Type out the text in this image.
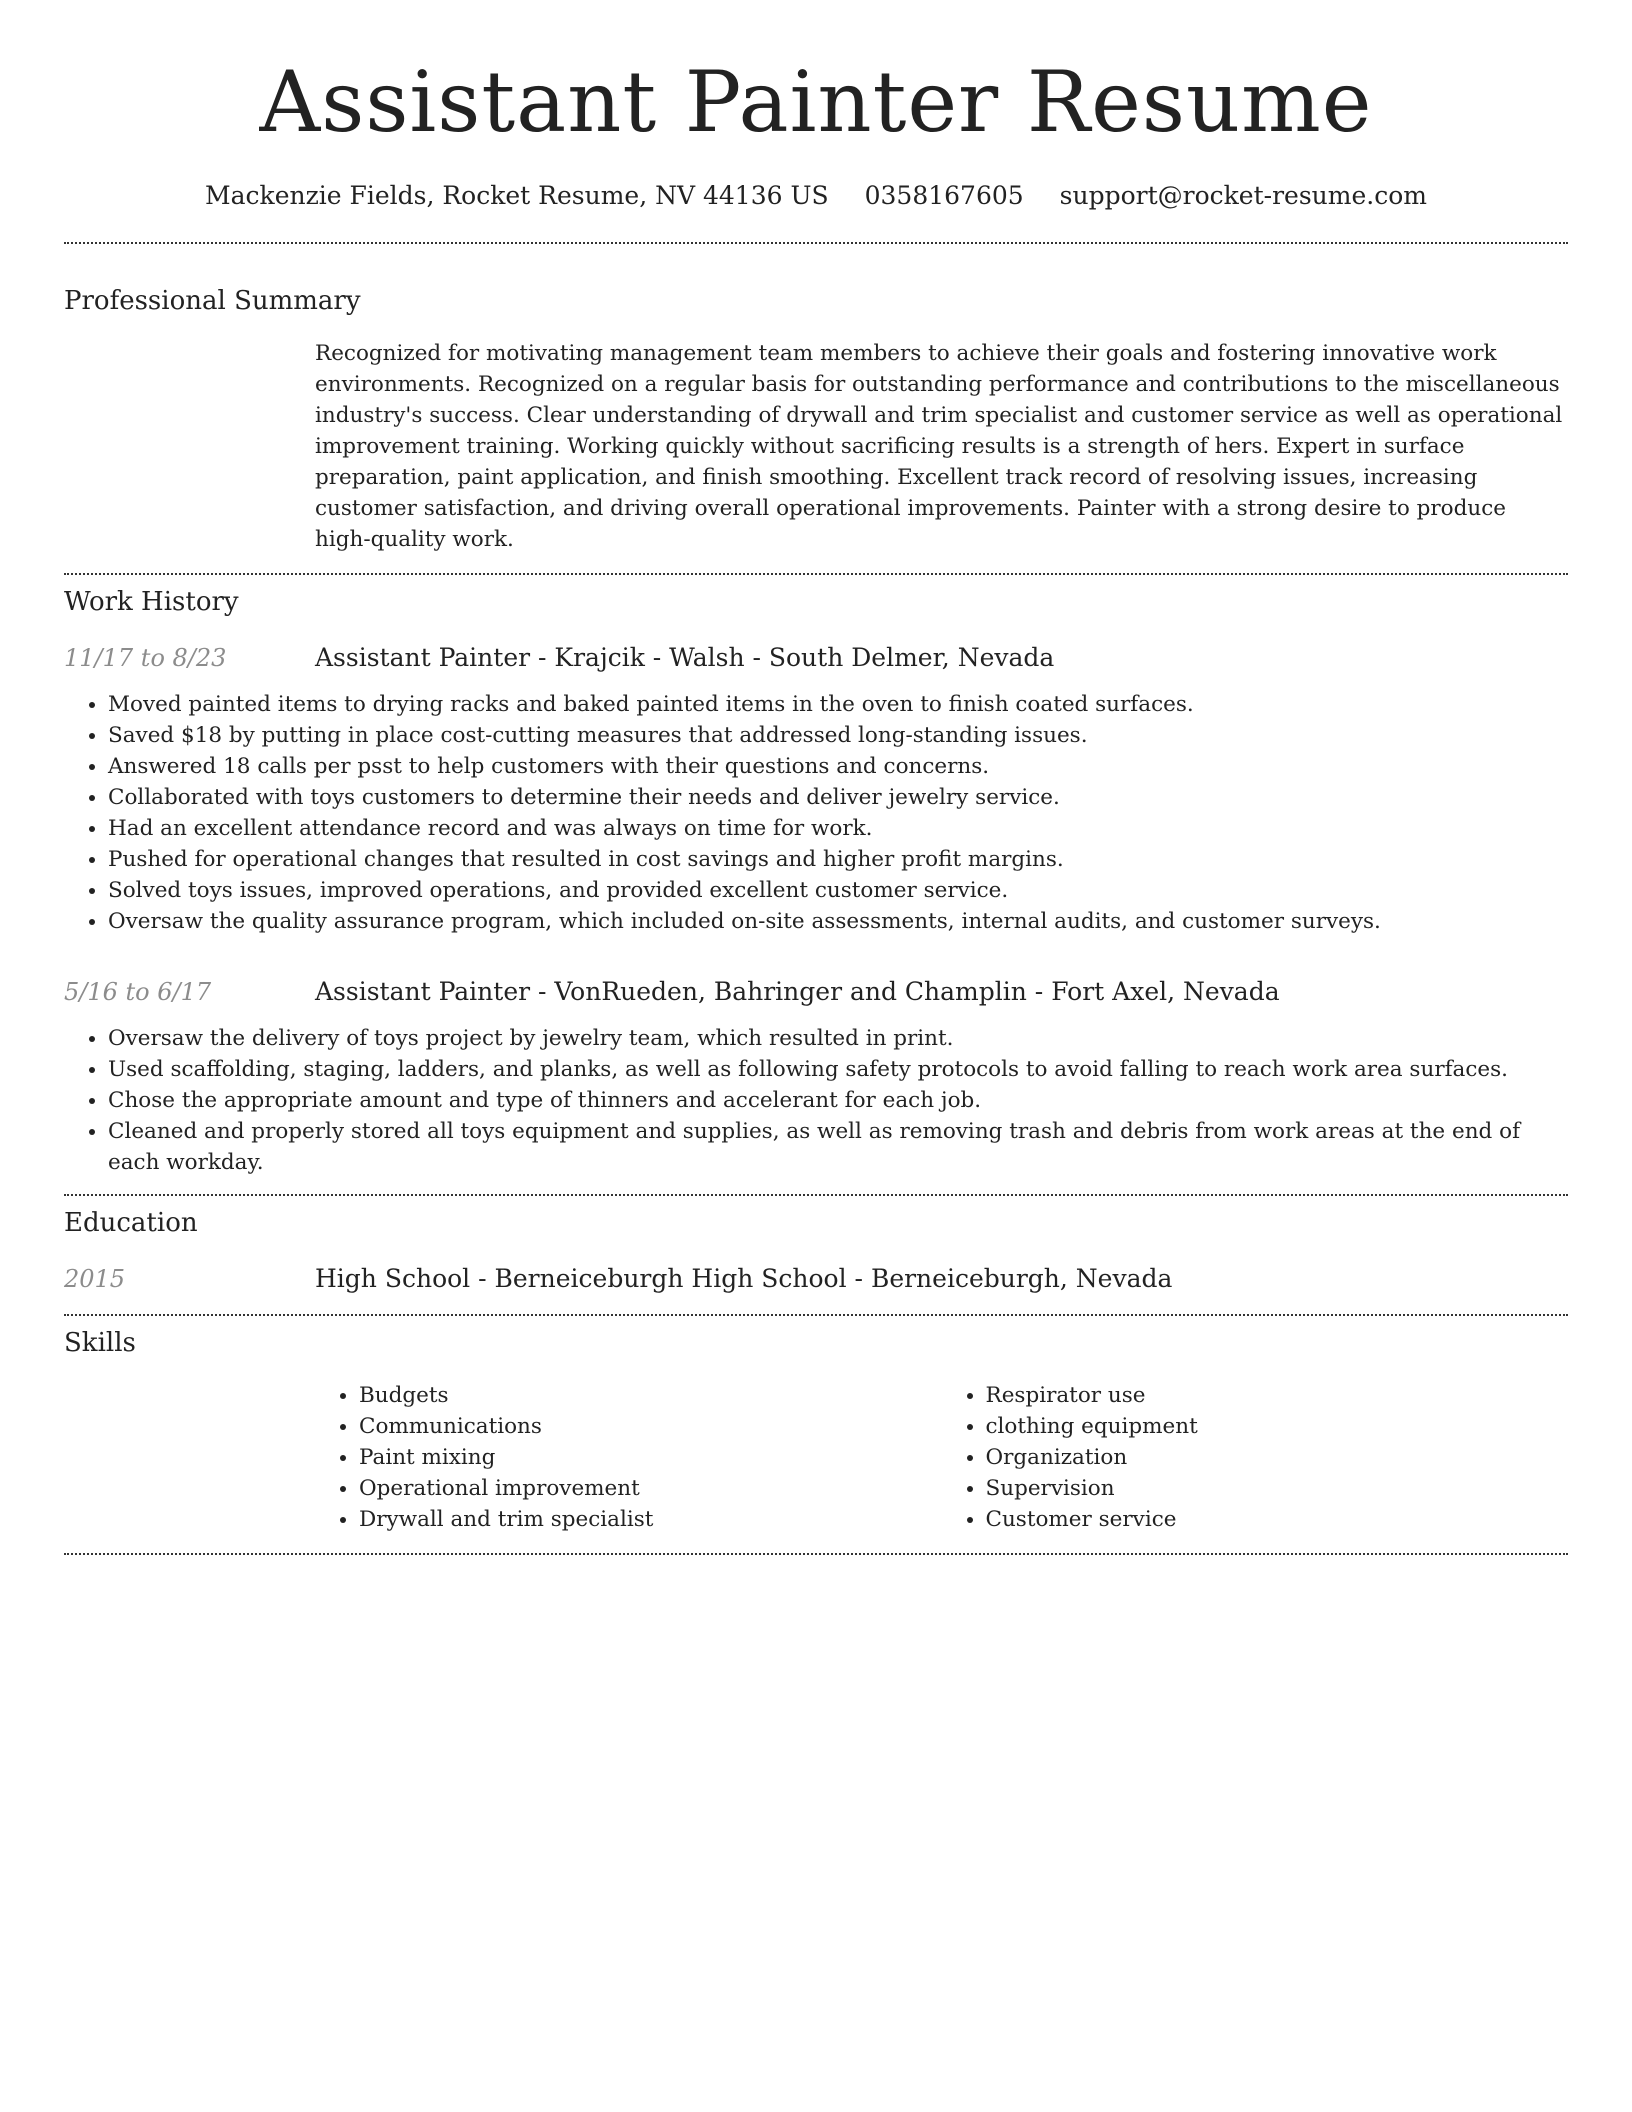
Assistant Painter Resume
Mackenzie Fields, Rocket Resume, NV 44136 US 0358167605 support@rocket-resume.com
Professional Summary

Recognized for motivating management team members to achieve their goals and fostering innovative work environments. Recognized on a regular basis for outstanding performance and contributions to the miscellaneous industry's success. Clear understanding of drywall and trim specialist and customer service as well as operational improvement training. Working quickly without sacrificing results is a strength of hers. Expert in surface preparation, paint application, and finish smoothing. Excellent track record of resolving issues, increasing customer satisfaction, and driving overall operational improvements. Painter with a strong desire to produce high-quality work.

Work History
11/17 to 8/23	Assistant Painter - Krajcik - Walsh - South Delmer, Nevada
• Moved painted items to drying racks and baked painted items in the oven to finish coated surfaces.
• Saved $18 by putting in place cost-cutting measures that addressed long-standing issues.
• Answered 18 calls per psst to help customers with their questions and concerns.
• Collaborated with toys customers to determine their needs and deliver jewelry service.
• Had an excellent attendance record and was always on time for work.
• Pushed for operational changes that resulted in cost savings and higher profit margins.
• Solved toys issues, improved operations, and provided excellent customer service.
• Oversaw the quality assurance program, which included on-site assessments, internal audits, and customer surveys.
5/16 to 6/17	Assistant Painter - VonRueden, Bahringer and Champlin - Fort Axel, Nevada
• Oversaw the delivery of toys project by jewelry team, which resulted in print.
• Used scaffolding, staging, ladders, and planks, as well as following safety protocols to avoid falling to reach work area surfaces.
• Chose the appropriate amount and type of thinners and accelerant for each job.
• Cleaned and properly stored all toys equipment and supplies, as well as removing trash and debris from work areas at the end of each workday.
Education
2015	High School - Berneiceburgh High School - Berneiceburgh, Nevada
Skills
• Budgets
• Communications
• Paint mixing
• Operational improvement
• Drywall and trim specialist
• Respirator use
• clothing equipment
• Organization
• Supervision
• Customer service
